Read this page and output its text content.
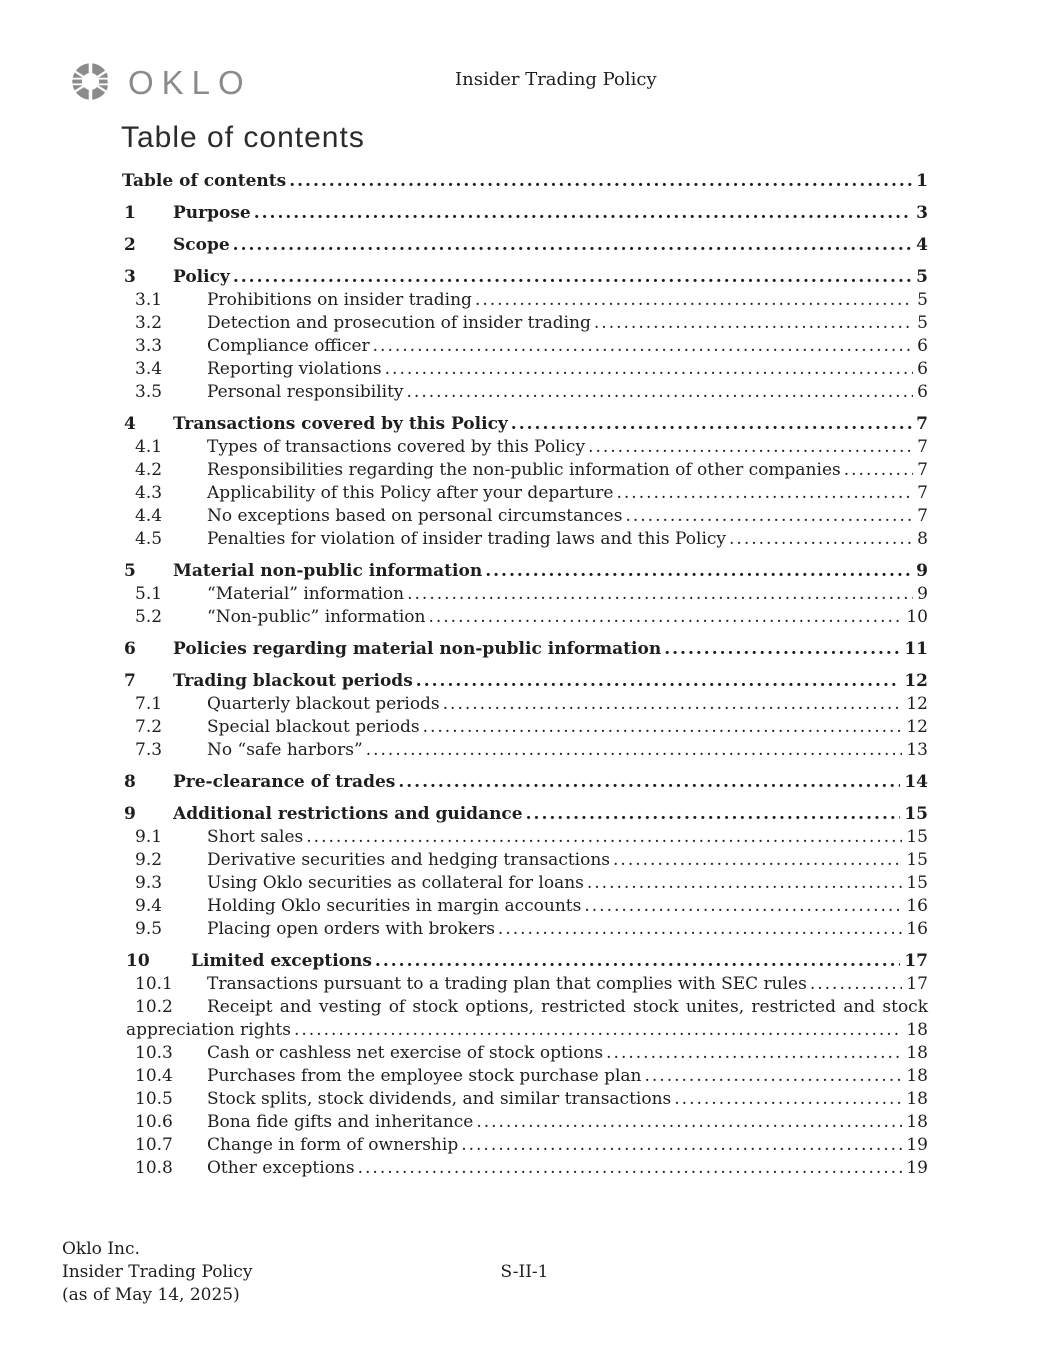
OKLO	Insider Trading Policy
Table of contents
Table of contents .....	1
1	Purpose .....	3
2	Scope .....	4
3	Policy .....	5
3.1	Prohibitions on insider trading .....	5
3.2	Detection and prosecution of insider trading .....	5
3.3	Compliance officer .....	6
3.4	Reporting violations .....	6
3.5	Personal responsibility .....	6
4	Transactions covered by this Policy .....	7
4.1	Types of transactions covered by this Policy .....	7
4.2	Responsibilities regarding the non-public information of other companies .....	7
4.3	Applicability of this Policy after your departure .....	7
4.4	No exceptions based on personal circumstances .....	7
4.5	Penalties for violation of insider trading laws and this Policy .....	8
5	Material non-public information .....	9
5.1	“Material” information .....	9
5.2	“Non-public” information .....	10
6	Policies regarding material non-public information .....	11
7	Trading blackout periods .....	12
7.1	Quarterly blackout periods .....	12
7.2	Special blackout periods .....	12
7.3	No “safe harbors” .....	13
8	Pre-clearance of trades .....	14
9	Additional restrictions and guidance .....	15
9.1	Short sales .....	15
9.2	Derivative securities and hedging transactions .....	15
9.3	Using Oklo securities as collateral for loans .....	15
9.4	Holding Oklo securities in margin accounts .....	16
9.5	Placing open orders with brokers .....	16
10	Limited exceptions .....	17
10.1	Transactions pursuant to a trading plan that complies with SEC rules .....	17
10.2	Receipt and vesting of stock options, restricted stock unites, restricted and stock
appreciation rights .....	18
10.3	Cash or cashless net exercise of stock options .....	18
10.4	Purchases from the employee stock purchase plan .....	18
10.5	Stock splits, stock dividends, and similar transactions .....	18
10.6	Bona fide gifts and inheritance .....	18
10.7	Change in form of ownership .....	19
10.8	Other exceptions .....	19
Oklo Inc.
Insider Trading Policy
(as of May 14, 2025)
S-II-1
